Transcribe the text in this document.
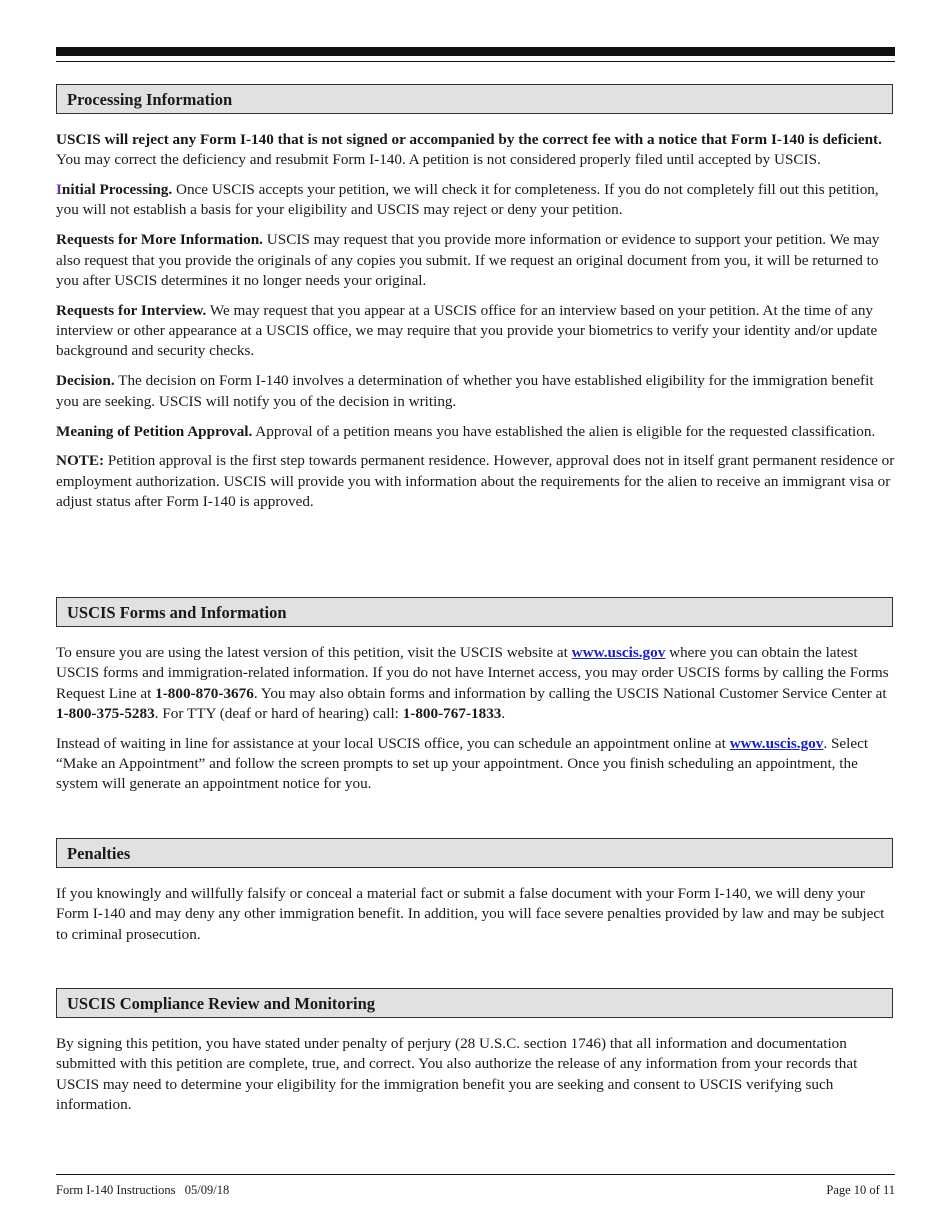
Processing Information

USCIS will reject any Form I-140 that is not signed or accompanied by the correct fee with a notice that Form I-140 is deficient. You may correct the deficiency and resubmit Form I-140. A petition is not considered properly filed until accepted by USCIS.

Initial Processing. Once USCIS accepts your petition, we will check it for completeness. If you do not completely fill out this petition, you will not establish a basis for your eligibility and USCIS may reject or deny your petition.

Requests for More Information. USCIS may request that you provide more information or evidence to support your petition. We may also request that you provide the originals of any copies you submit. If we request an original document from you, it will be returned to you after USCIS determines it no longer needs your original.

Requests for Interview. We may request that you appear at a USCIS office for an interview based on your petition. At the time of any interview or other appearance at a USCIS office, we may require that you provide your biometrics to verify your identity and/or update background and security checks.

Decision. The decision on Form I-140 involves a determination of whether you have established eligibility for the immigration benefit you are seeking. USCIS will notify you of the decision in writing.

Meaning of Petition Approval. Approval of a petition means you have established the alien is eligible for the requested classification.

NOTE: Petition approval is the first step towards permanent residence. However, approval does not in itself grant permanent residence or employment authorization. USCIS will provide you with information about the requirements for the alien to receive an immigrant visa or adjust status after Form I-140 is approved.

USCIS Forms and Information

To ensure you are using the latest version of this petition, visit the USCIS website at www.uscis.gov where you can obtain the latest USCIS forms and immigration-related information. If you do not have Internet access, you may order USCIS forms by calling the Forms Request Line at 1-800-870-3676. You may also obtain forms and information by calling the USCIS National Customer Service Center at 1-800-375-5283. For TTY (deaf or hard of hearing) call: 1-800-767-1833.

Instead of waiting in line for assistance at your local USCIS office, you can schedule an appointment online at www.uscis.gov. Select “Make an Appointment” and follow the screen prompts to set up your appointment. Once you finish scheduling an appointment, the system will generate an appointment notice for you.

Penalties

If you knowingly and willfully falsify or conceal a material fact or submit a false document with your Form I-140, we will deny your Form I-140 and may deny any other immigration benefit. In addition, you will face severe penalties provided by law and may be subject to criminal prosecution.

USCIS Compliance Review and Monitoring

By signing this petition, you have stated under penalty of perjury (28 U.S.C. section 1746) that all information and documentation submitted with this petition are complete, true, and correct. You also authorize the release of any information from your records that USCIS may need to determine your eligibility for the immigration benefit you are seeking and consent to USCIS verifying such information.

Form I-140 Instructions   05/09/18	Page 10 of 11
